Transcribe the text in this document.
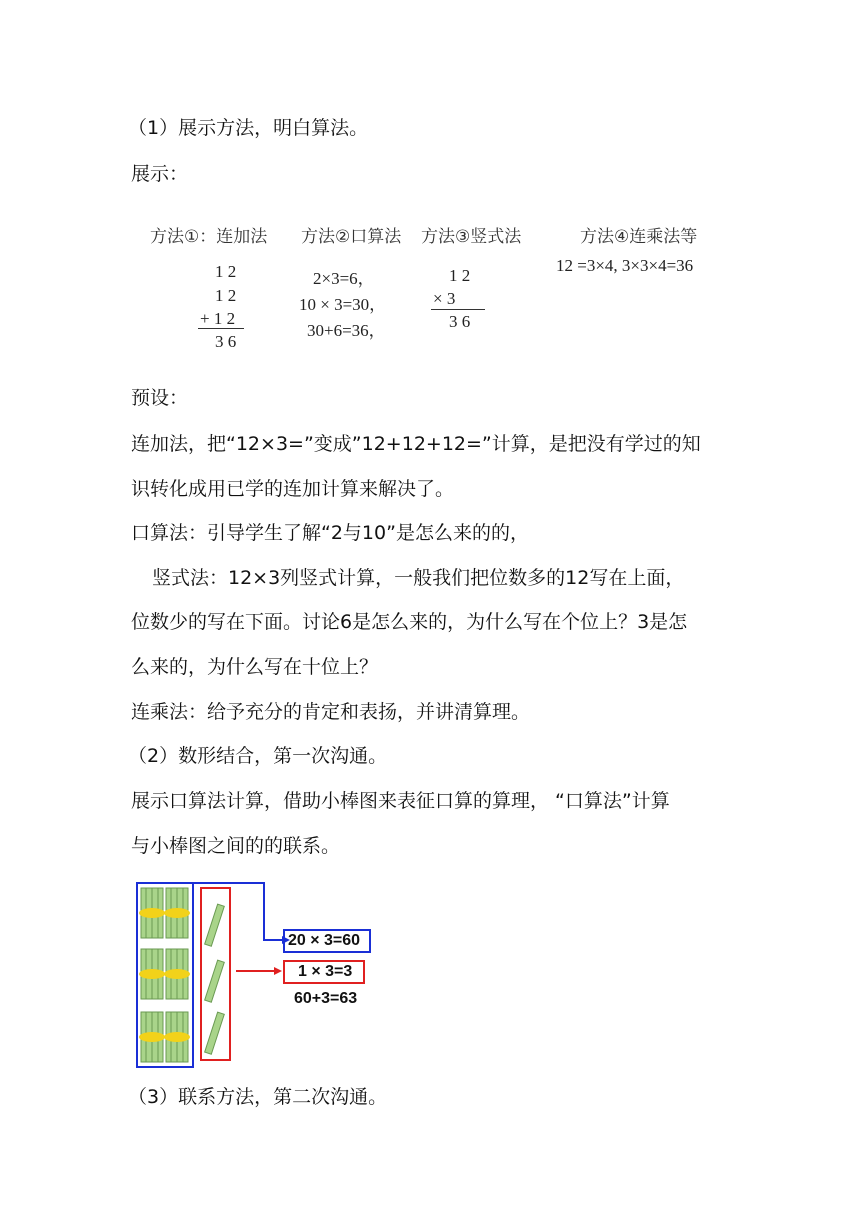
（1）展示方法，明白算法。
展示：
方法①：连加法 方法②口算法 方法③竖式法	方法④连乘法等
1 2
1 2
+ 1 2
3 6
2×3=6，
10 × 3=30，
30+6=36，
1 2
× 3
3 6
12 =3×4, 3×3×4=36
预设：
连加法，把“12×3=”变成”12+12+12=”计算，是把没有学过的知
识转化成用已学的连加计算来解决了。
口算法：引导学生了解“2与10”是怎么来的的，
竖式法：12×3列竖式计算，一般我们把位数多的12写在上面，
位数少的写在下面。讨论6是怎么来的，为什么写在个位上？3是怎
么来的，为什么写在十位上？
连乘法：给予充分的肯定和表扬，并讲清算理。
（2）数形结合，第一次沟通。
展示口算法计算，借助小棒图来表征口算的算理， “口算法”计算
与小棒图之间的的联系。
20 × 3=60
1 × 3=3
60+3=63
（3）联系方法，第二次沟通。
